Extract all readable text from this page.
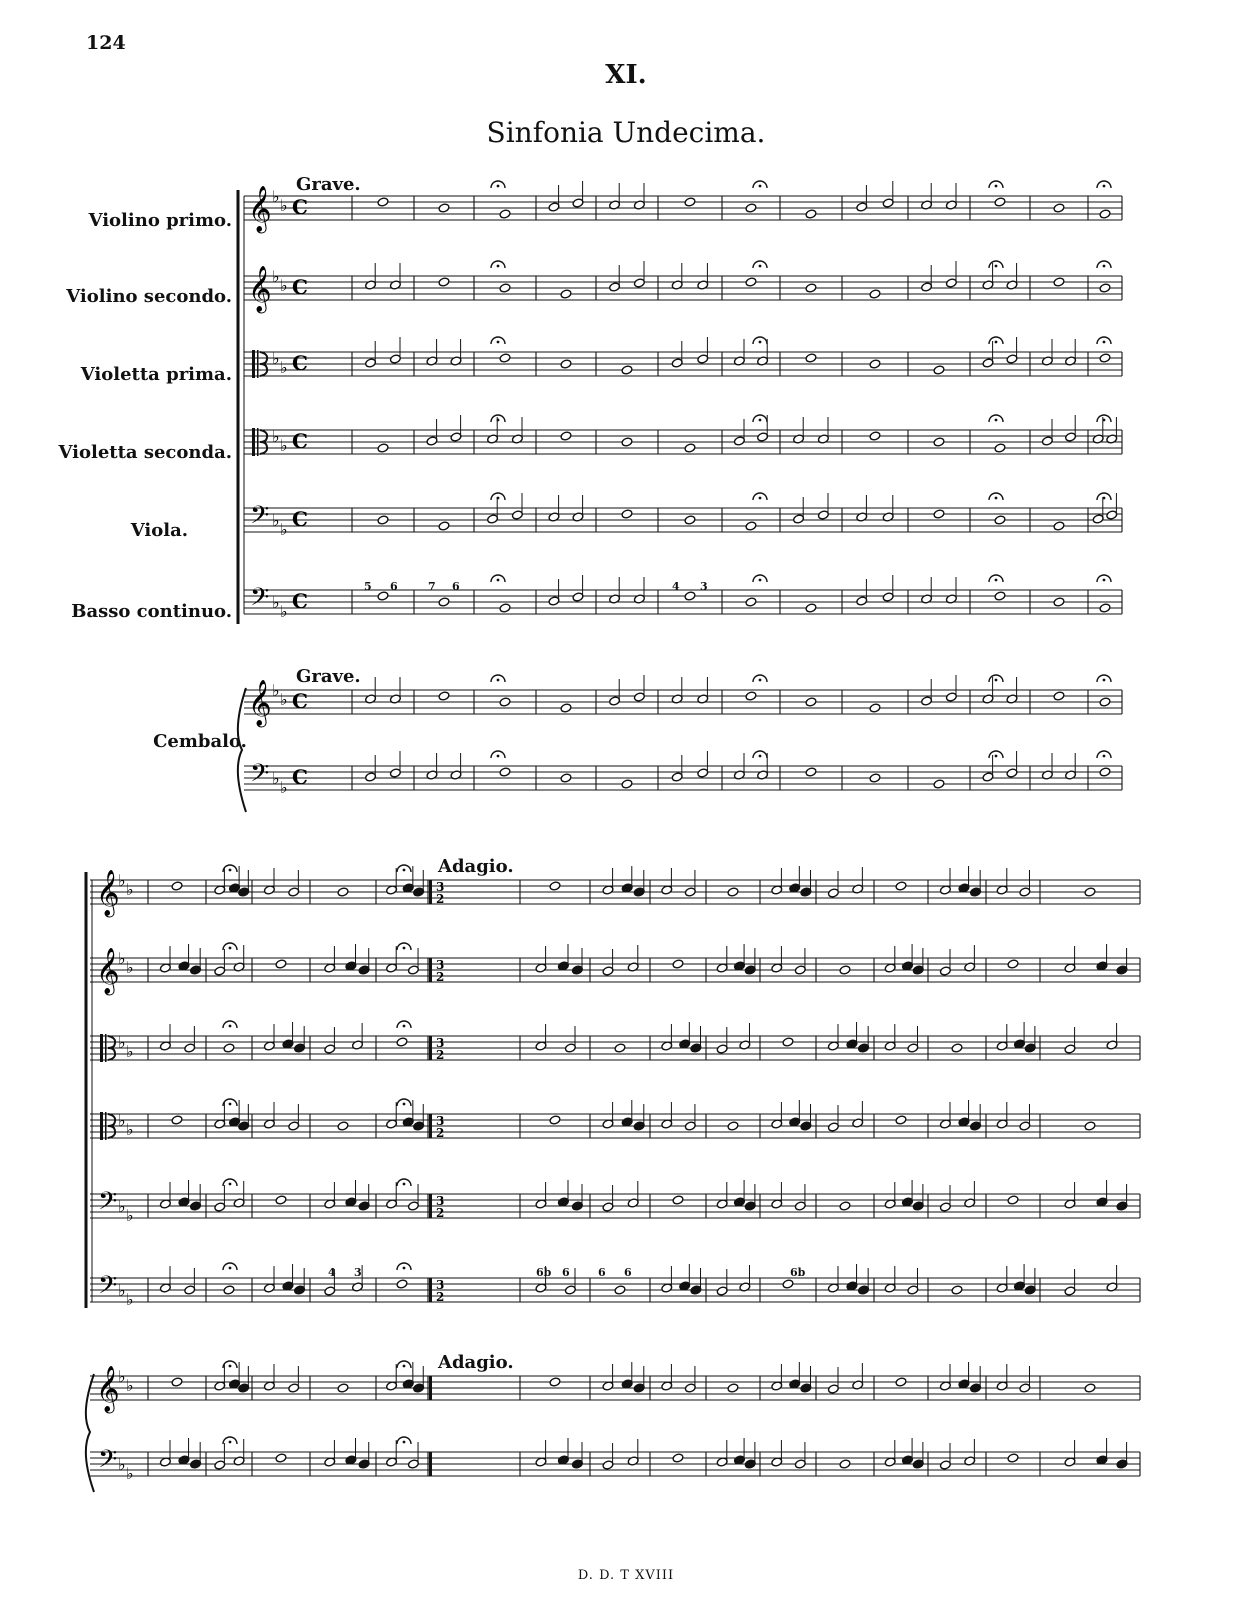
124
XI.
Sinfonia Undecima.
𝄞 ♭ ♭ C
𝄞 ♭ ♭ C
♭ ♭ C
♭ ♭ C
𝄢 ♭ ♭ C
𝄢 ♭ ♭ C
𝄞 ♭ ♭ C
𝄢 ♭ ♭ C
𝄞
♭ ♭	3
2
𝄞
♭ ♭	3
2
♭ ♭	3
2
♭ ♭	3
2
𝄢 ♭ ♭
3
2
𝄢 ♭ ♭
3
2
𝄞
♭ ♭
𝄢 ♭ ♭
Grave.
Violino primo.
Violino secondo.
Violetta prima.
Violetta seconda.
Viola.
Basso continuo.
Grave.
Cembalo.
5 6	7 6	4 3
Adagio.
Adagio.
4 3	6b 6	6 6	6b
D. D. T XVIII
